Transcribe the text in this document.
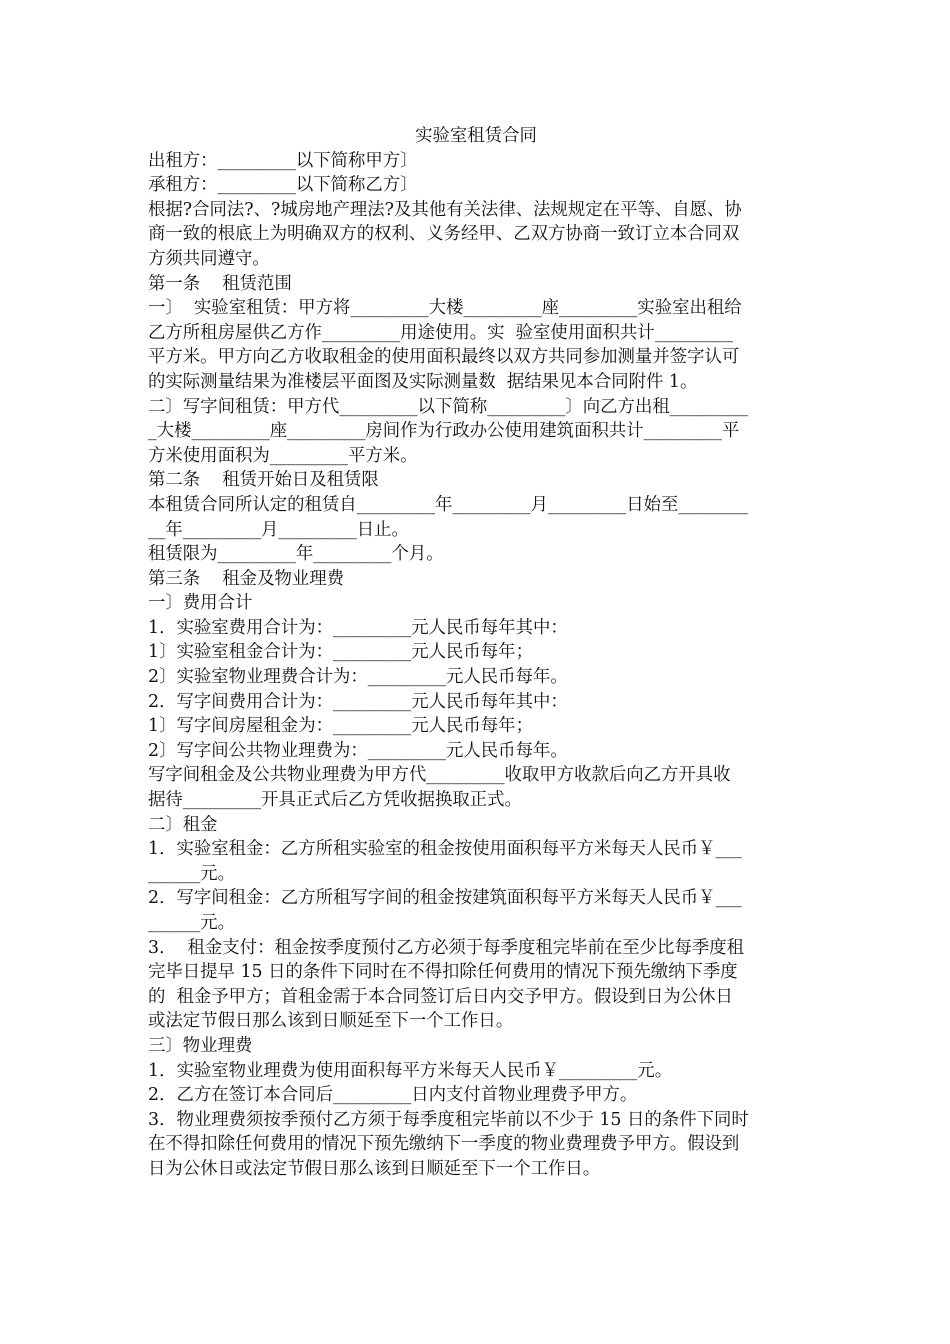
实验室租赁合同

出租方：_________以下简称甲方〕

承租方：_________以下简称乙方〕

根据?合同法?、?城房地产理法?及其他有关法律、法规规定在平等、自愿、协

商一致的根底上为明确双方的权利、义务经甲、乙双方协商一致订立本合同双

方须共同遵守。

第一条    租赁范围

一〕  实验室租赁：甲方将_________大楼_________座_________实验室出租给

乙方所租房屋供乙方作_________用途使用。实  验室使用面积共计_________

平方米。甲方向乙方收取租金的使用面积最终以双方共同参加测量并签字认可

的实际测量结果为准楼层平面图及实际测量数  据结果见本合同附件 1。

二〕写字间租赁：甲方代_________以下简称_________〕向乙方出租_________

_大楼_________座_________房间作为行政办公使用建筑面积共计_________平

方米使用面积为_________平方米。

第二条    租赁开始日及租赁限

本租赁合同所认定的租赁自_________年_________月_________日始至________

__年_________月_________日止。

租赁限为_________年_________个月。

第三条    租金及物业理费

一〕费用合计

1．实验室费用合计为：_________元人民币每年其中：

1〕实验室租金合计为：_________元人民币每年；

2〕实验室物业理费合计为：_________元人民币每年。

2．写字间费用合计为：_________元人民币每年其中：

1〕写字间房屋租金为：_________元人民币每年；

2〕写字间公共物业理费为：_________元人民币每年。

写字间租金及公共物业理费为甲方代_________收取甲方收款后向乙方开具收

据待_________开具正式后乙方凭收据换取正式。

二〕租金

1．实验室租金：乙方所租实验室的租金按使用面积每平方米每天人民币￥___

______元。

2．写字间租金：乙方所租写字间的租金按建筑面积每平方米每天人民币￥___

______元。

3．  租金支付：租金按季度预付乙方必须于每季度租完毕前在至少比每季度租

完毕日提早 15 日的条件下同时在不得扣除任何费用的情况下预先缴纳下季度

的  租金予甲方；首租金需于本合同签订后日内交予甲方。假设到日为公休日

或法定节假日那么该到日顺延至下一个工作日。

三〕物业理费

1．实验室物业理费为使用面积每平方米每天人民币￥_________元。

2．乙方在签订本合同后_________日内支付首物业理费予甲方。

3．物业理费须按季预付乙方须于每季度租完毕前以不少于 15 日的条件下同时

在不得扣除任何费用的情况下预先缴纳下一季度的物业费理费予甲方。假设到

日为公休日或法定节假日那么该到日顺延至下一个工作日。
